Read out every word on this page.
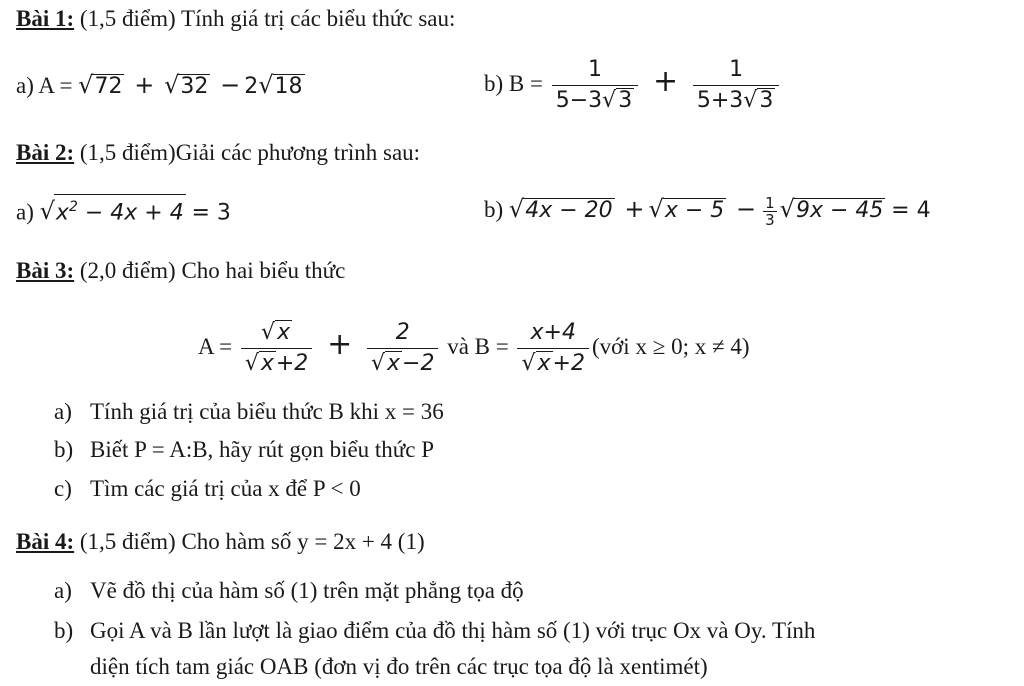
Bài 1: (1,5 điểm) Tính giá trị các biểu thức sau:
a) A = √72 + √32 − 2√18	b) $B = \frac{1}{5-3√3} + \frac{1}{5+3√3}$
Bài 2: (1,5 điểm)Giải các phương trình sau:
a) $√x^2 - 4x + 4 = 3$	b) $√4x - 20 + √x - 5 - \frac{1}{3} √9x - 45 = 4$
Bài 3: (2,0 điểm) Cho hai biểu thức
$A = \frac{√x}{√x+2} + \frac{2}{√x-2}$ và $B = \frac{x+4}{√x+2}$ (với x ≥ 0; x ≠ 4)
a) Tính giá trị của biểu thức B khi x = 36
b) Biết P = A:B, hãy rút gọn biểu thức P
c) Tìm các giá trị của x để P < 0
Bài 4: (1,5 điểm) Cho hàm số y = 2x + 4 (1)
a) Vẽ đồ thị của hàm số (1) trên mặt phẳng tọa độ
b) Gọi A và B lần lượt là giao điểm của đồ thị hàm số (1) với trục Ox và Oy. Tính
diện tích tam giác OAB (đơn vị đo trên các trục tọa độ là xentimét)
